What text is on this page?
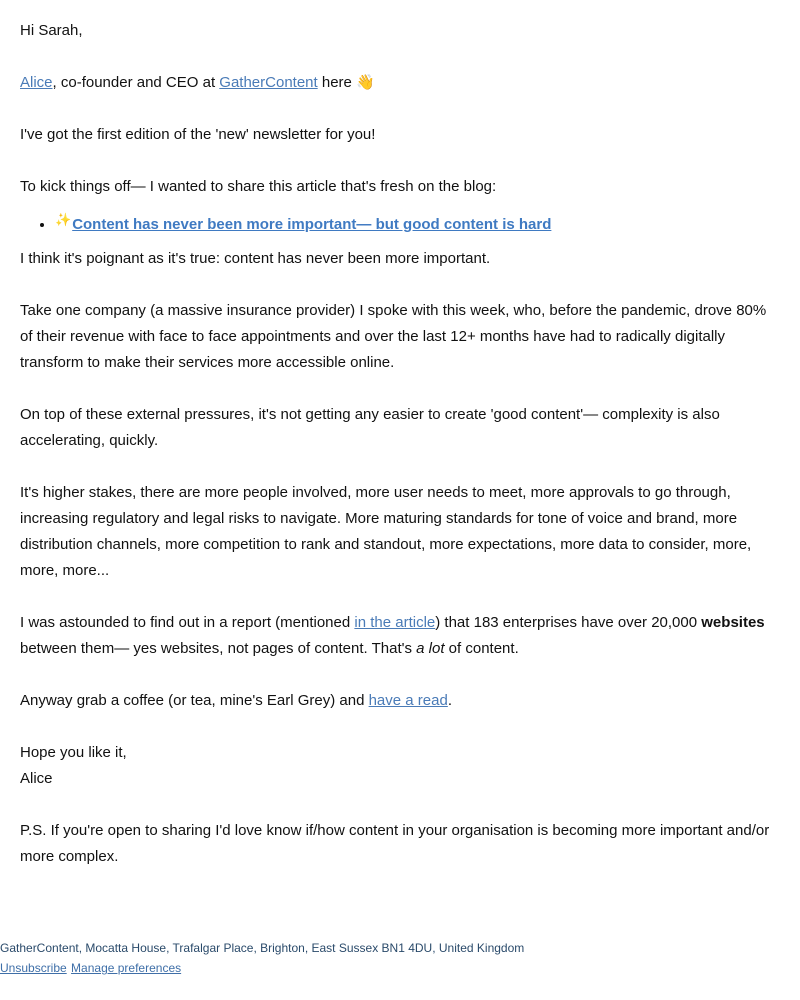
Hi Sarah,

Alice, co-founder and CEO at GatherContent here 👋

I've got the first edition of the 'new' newsletter for you!

To kick things off— I wanted to share this article that's fresh on the blog:

• ✨Content has never been more important— but good content is hard

I think it's poignant as it's true: content has never been more important.

Take one company (a massive insurance provider) I spoke with this week, who, before the pandemic, drove 80% of their revenue with face to face appointments and over the last 12+ months have had to radically digitally transform to make their services more accessible online.

On top of these external pressures, it's not getting any easier to create 'good content'— complexity is also accelerating, quickly.

It's higher stakes, there are more people involved, more user needs to meet, more approvals to go through, increasing regulatory and legal risks to navigate. More maturing standards for tone of voice and brand, more distribution channels, more competition to rank and standout, more expectations, more data to consider, more, more, more...

I was astounded to find out in a report (mentioned in the article) that 183 enterprises have over 20,000 websites between them— yes websites, not pages of content. That's a lot of content.

Anyway grab a coffee (or tea, mine's Earl Grey) and have a read.

Hope you like it,
Alice

P.S. If you're open to sharing I'd love know if/how content in your organisation is becoming more important and/or more complex.

GatherContent, Mocatta House, Trafalgar Place, Brighton, East Sussex BN1 4DU, United Kingdom
Unsubscribe Manage preferences
